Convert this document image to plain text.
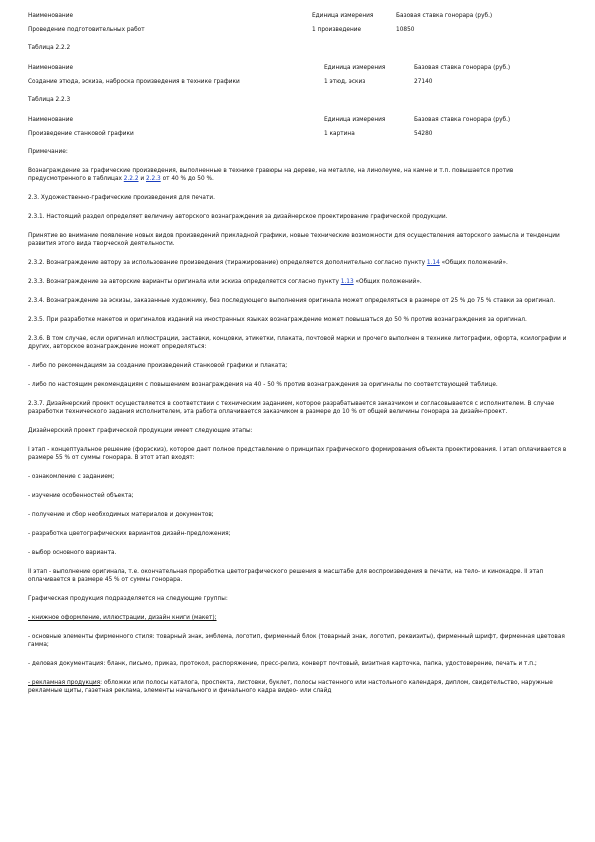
Наименование	Единица измерения	Базовая ставка гонорара (руб.)
Проведение подготовительных работ	1 произведение	10850
Таблица 2.2.2
Наименование	Единица измерения	Базовая ставка гонорара (руб.)
Создание этюда, эскиза, наброска произведения в технике графики	1 этюд, эскиз	27140
Таблица 2.2.3
Наименование	Единица измерения	Базовая ставка гонорара (руб.)
Произведение станковой графики	1 картина	54280

Примечание:

Вознаграждение за графические произведения, выполненные в технике гравюры на дереве, на металле, на линолеуме, на камне и т.п. повышается против предусмотренного в таблицах 2.2.2 и 2.2.3 от 40 % до 50 %.

2.3. Художественно-графические произведения для печати.

2.3.1. Настоящий раздел определяет величину авторского вознаграждения за дизайнерское проектирование графической продукции.

Принятие во внимание появление новых видов произведений прикладной графики, новые технические возможности для осуществления авторского замысла и тенденции развития этого вида творческой деятельности.

2.3.2. Вознаграждение автору за использование произведения (тиражирование) определяется дополнительно согласно пункту 1.14 «Общих положений».

2.3.3. Вознаграждение за авторские варианты оригинала или эскиза определяется согласно пункту 1.13 «Общих положений».

2.3.4. Вознаграждение за эскизы, заказанные художнику, без последующего выполнения оригинала может определяться в размере от 25 % до 75 % ставки за оригинал.

2.3.5. При разработке макетов и оригиналов изданий на иностранных языках вознаграждение может повышаться до 50 % против вознаграждения за оригинал.

2.3.6. В том случае, если оригинал иллюстрации, заставки, концовки, этикетки, плаката, почтовой марки и прочего выполнен в технике литографии, офорта, ксилографии и других, авторское вознаграждение может определяться:

- либо по рекомендациям за создание произведений станковой графики и плаката;

- либо по настоящим рекомендациям с повышением вознаграждения на 40 - 50 % против вознаграждения за оригиналы по соответствующей таблице.

2.3.7. Дизайнерский проект осуществляется в соответствии с техническим заданием, которое разрабатывается заказчиком и согласовывается с исполнителем. В случае разработки технического задания исполнителем, эта работа оплачивается заказчиком в размере до 10 % от общей величины гонорара за дизайн-проект.

Дизайнерский проект графической продукции имеет следующие этапы:

I этап - концептуальное решение (форэскиз), которое дает полное представление о принципах графического формирования объекта проектирования. I этап оплачивается в размере 55 % от суммы гонорара. В этот этап входят:

- ознакомление с заданием;

- изучение особенностей объекта;

- получение и сбор необходимых материалов и документов;

- разработка цветографических вариантов дизайн-предложения;

- выбор основного варианта.

II этап - выполнение оригинала, т.е. окончательная проработка цветографического решения в масштабе для воспроизведения в печати, на тело- и кинокадре. II этап оплачивается в размере 45 % от суммы гонорара.

Графическая продукция подразделяется на следующие группы:

- книжное оформление, иллюстрации, дизайн книги (макет);

- основные элементы фирменного стиля: товарный знак, эмблема, логотип, фирменный блок (товарный знак, логотип, реквизиты), фирменный шрифт, фирменная цветовая гамма;

- деловая документация: бланк, письмо, приказ, протокол, распоряжение, пресс-релиз, конверт почтовый, визитная карточка, папка, удостоверение, печать и т.п.;

- рекламная продукция: обложки или полосы каталога, проспекта, листовки, буклет, полосы настенного или настольного календаря, диплом, свидетельство, наружные рекламные щиты, газетная реклама, элементы начального и финального кадра видео- или слайд
